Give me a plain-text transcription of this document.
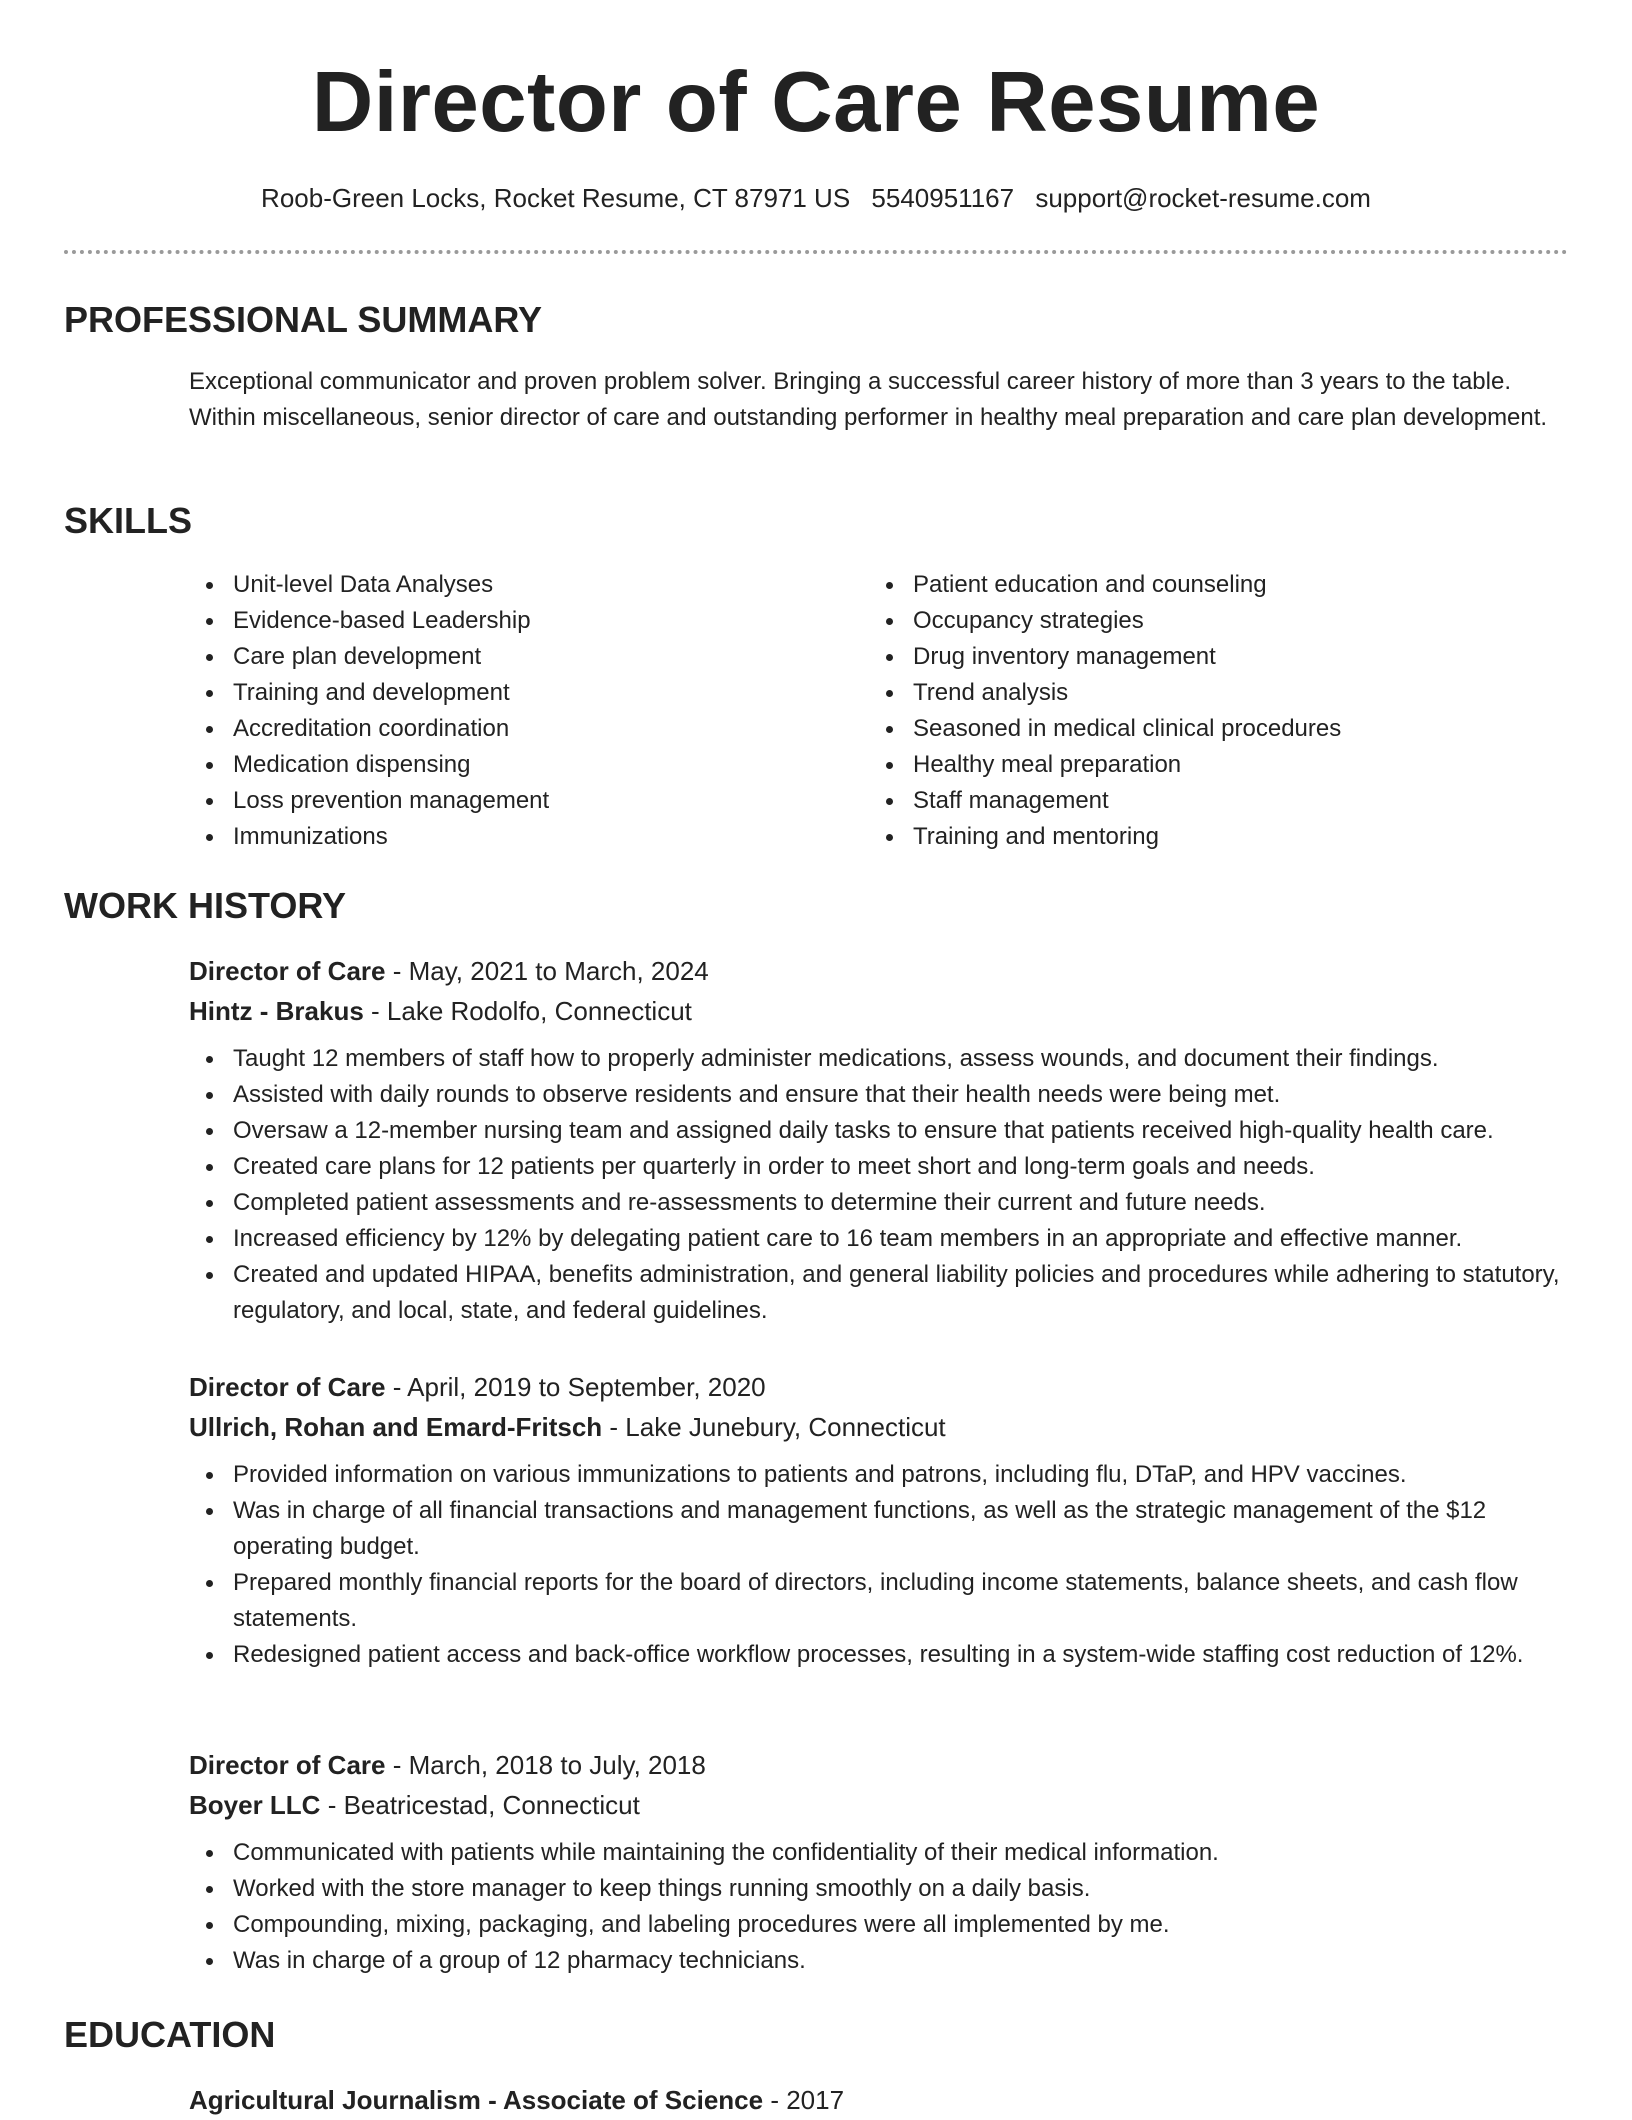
Director of Care Resume
Roob-Green Locks, Rocket Resume, CT 87971 US 5540951167 support@rocket-resume.com
PROFESSIONAL SUMMARY

Exceptional communicator and proven problem solver. Bringing a successful career history of more than 3 years to the table. Within miscellaneous, senior director of care and outstanding performer in healthy meal preparation and care plan development.

SKILLS
Unit-level Data Analyses
Evidence-based Leadership
Care plan development
Training and development
Accreditation coordination
Medication dispensing
Loss prevention management
Immunizations
Patient education and counseling
Occupancy strategies
Drug inventory management
Trend analysis
Seasoned in medical clinical procedures
Healthy meal preparation
Staff management
Training and mentoring
WORK HISTORY
Director of Care - May, 2021 to March, 2024
Hintz - Brakus - Lake Rodolfo, Connecticut
Taught 12 members of staff how to properly administer medications, assess wounds, and document their findings.
Assisted with daily rounds to observe residents and ensure that their health needs were being met.
Oversaw a 12-member nursing team and assigned daily tasks to ensure that patients received high-quality health care.
Created care plans for 12 patients per quarterly in order to meet short and long-term goals and needs.
Completed patient assessments and re-assessments to determine their current and future needs.
Increased efficiency by 12% by delegating patient care to 16 team members in an appropriate and effective manner.
Created and updated HIPAA, benefits administration, and general liability policies and procedures while adhering to statutory, regulatory, and local, state, and federal guidelines.
Director of Care - April, 2019 to September, 2020
Ullrich, Rohan and Emard-Fritsch - Lake Junebury, Connecticut
Provided information on various immunizations to patients and patrons, including flu, DTaP, and HPV vaccines.
Was in charge of all financial transactions and management functions, as well as the strategic management of the $12 operating budget.
Prepared monthly financial reports for the board of directors, including income statements, balance sheets, and cash flow statements.
Redesigned patient access and back-office workflow processes, resulting in a system-wide staffing cost reduction of 12%.
Director of Care - March, 2018 to July, 2018
Boyer LLC - Beatricestad, Connecticut
Communicated with patients while maintaining the confidentiality of their medical information.
Worked with the store manager to keep things running smoothly on a daily basis.
Compounding, mixing, packaging, and labeling procedures were all implemented by me.
Was in charge of a group of 12 pharmacy technicians.
EDUCATION
Agricultural Journalism - Associate of Science - 2017
